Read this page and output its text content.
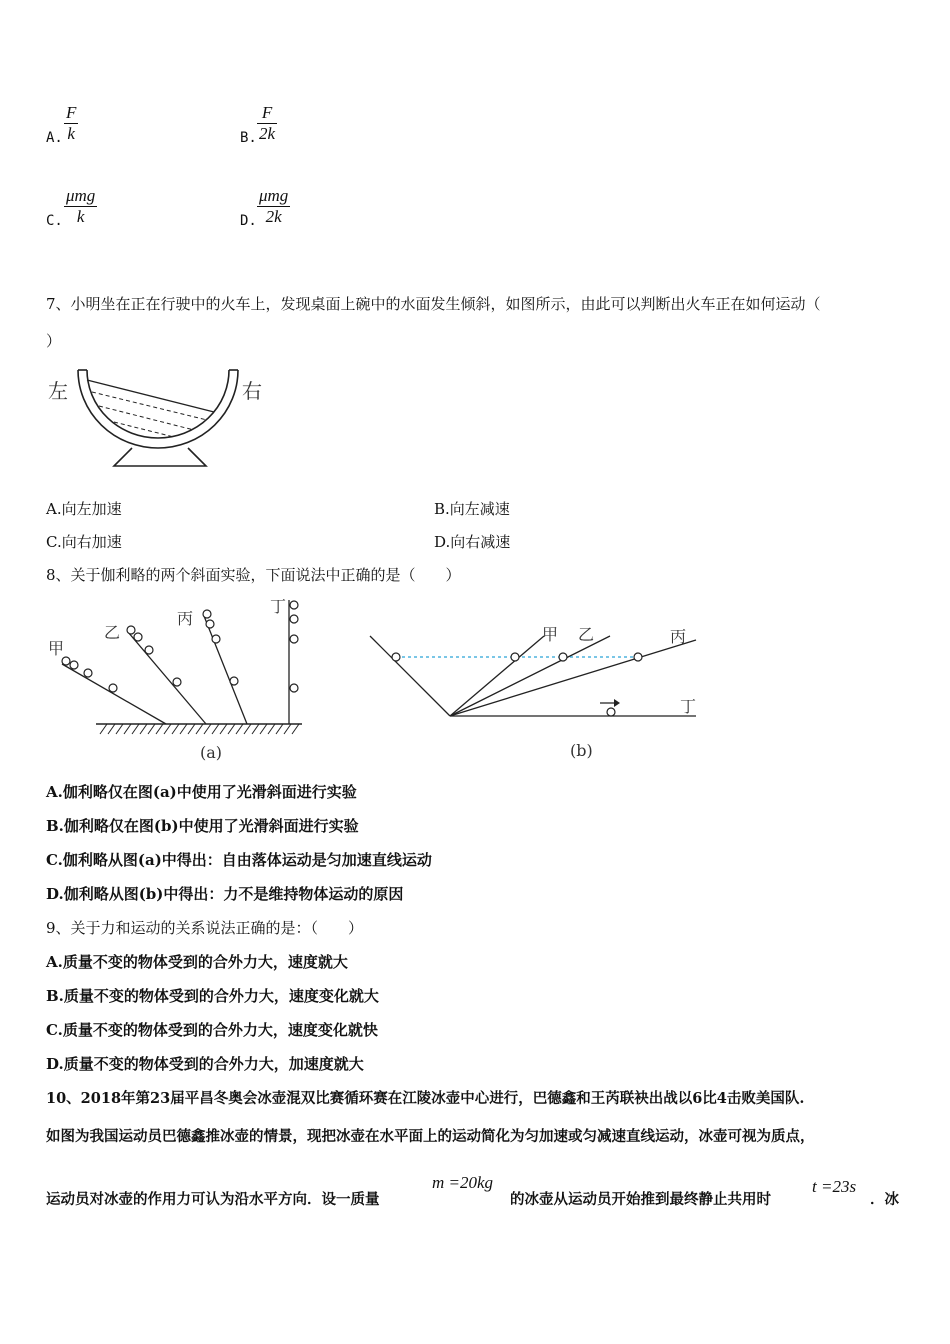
A. $\frac{F}{k}$	B. $\frac{F}{2k}$
C.
μmg
k	D.
μmg
2k
7、小明坐在正在行驶中的火车上，发现桌面上碗中的水面发生倾斜，如图所示，由此可以判断出火车正在如何运动（
）
左	右
A.向左加速	B.向左减速
C.向右加速	D.向右减速
8、关于伽利略的两个斜面实验，下面说法中正确的是（　　）
甲
乙
丙
丁
(a)
甲 乙	丙
丁
(b)
A.伽利略仅在图(a)中使用了光滑斜面进行实验
B.伽利略仅在图(b)中使用了光滑斜面进行实验
C.伽利略从图(a)中得出：自由落体运动是匀加速直线运动
D.伽利略从图(b)中得出：力不是维持物体运动的原因
9、关于力和运动的关系说法正确的是：（　　）
A.质量不变的物体受到的合外力大，速度就大
B.质量不变的物体受到的合外力大，速度变化就大
C.质量不变的物体受到的合外力大，速度变化就快
D.质量不变的物体受到的合外力大，加速度就大
10、2018年第23届平昌冬奥会冰壶混双比赛循环赛在江陵冰壶中心进行，巴德鑫和王芮联袂出战以6比4击败美国队.
如图为我国运动员巴德鑫推冰壶的情景，现把冰壶在水平面上的运动简化为匀加速或匀减速直线运动，冰壶可视为质点，
运动员对冰壶的作用力可认为沿水平方向．设一质量
m =20kg
的冰壶从运动员开始推到最终静止共用时
t =23s
．冰
